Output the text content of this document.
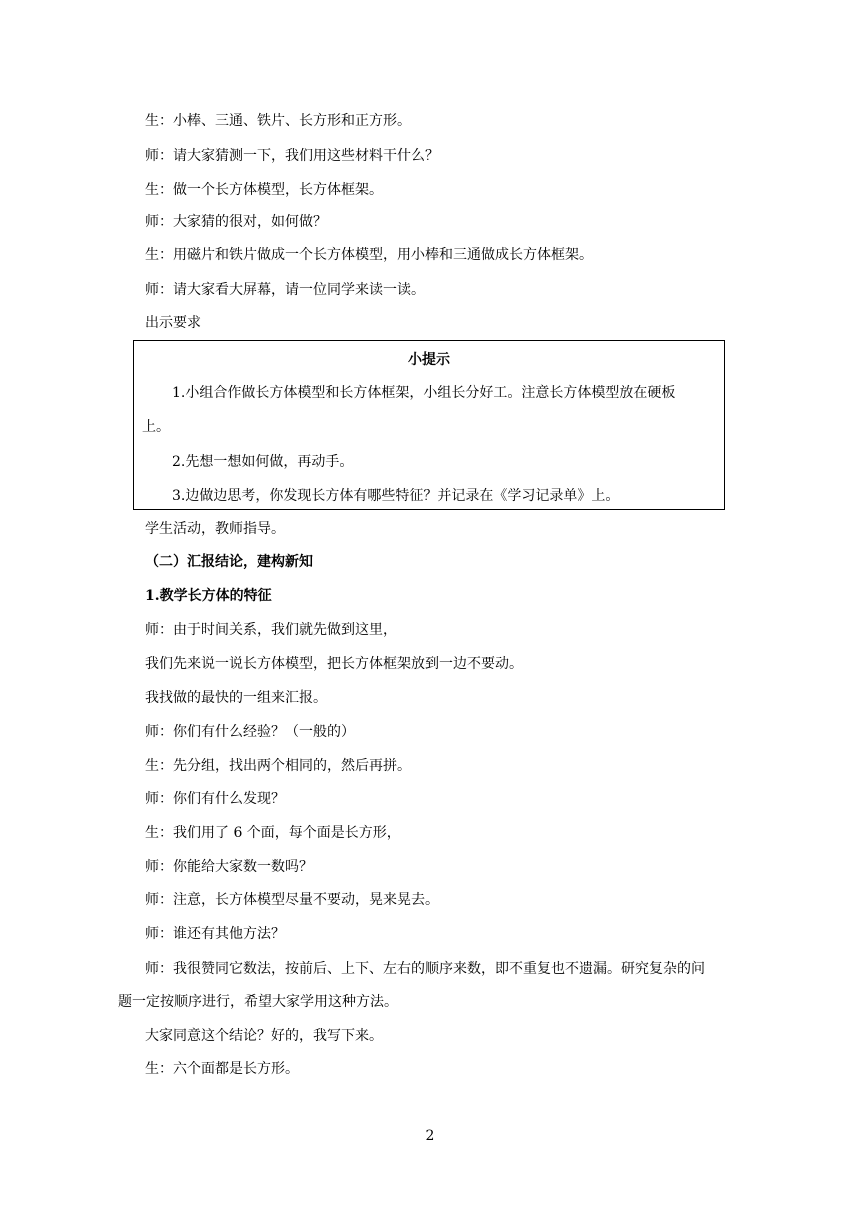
生：小棒、三通、铁片、长方形和正方形。
师：请大家猜测一下，我们用这些材料干什么？
生：做一个长方体模型，长方体框架。
师：大家猜的很对，如何做？
生：用磁片和铁片做成一个长方体模型，用小棒和三通做成长方体框架。
师：请大家看大屏幕，请一位同学来读一读。
出示要求
小提示
1.小组合作做长方体模型和长方体框架，小组长分好工。注意长方体模型放在硬板
上。
2.先想一想如何做，再动手。
3.边做边思考，你发现长方体有哪些特征？并记录在《学习记录单》上。
学生活动，教师指导。
（二）汇报结论，建构新知
1.教学长方体的特征
师：由于时间关系，我们就先做到这里，
我们先来说一说长方体模型，把长方体框架放到一边不要动。
我找做的最快的一组来汇报。
师：你们有什么经验？（一般的）
生：先分组，找出两个相同的，然后再拼。
师：你们有什么发现？
生：我们用了 6 个面，每个面是长方形，
师：你能给大家数一数吗？
师：注意，长方体模型尽量不要动，晃来晃去。
师：谁还有其他方法？
师：我很赞同它数法，按前后、上下、左右的顺序来数，即不重复也不遗漏。研究复杂的问
题一定按顺序进行，希望大家学用这种方法。
大家同意这个结论？好的，我写下来。
生：六个面都是长方形。
2
